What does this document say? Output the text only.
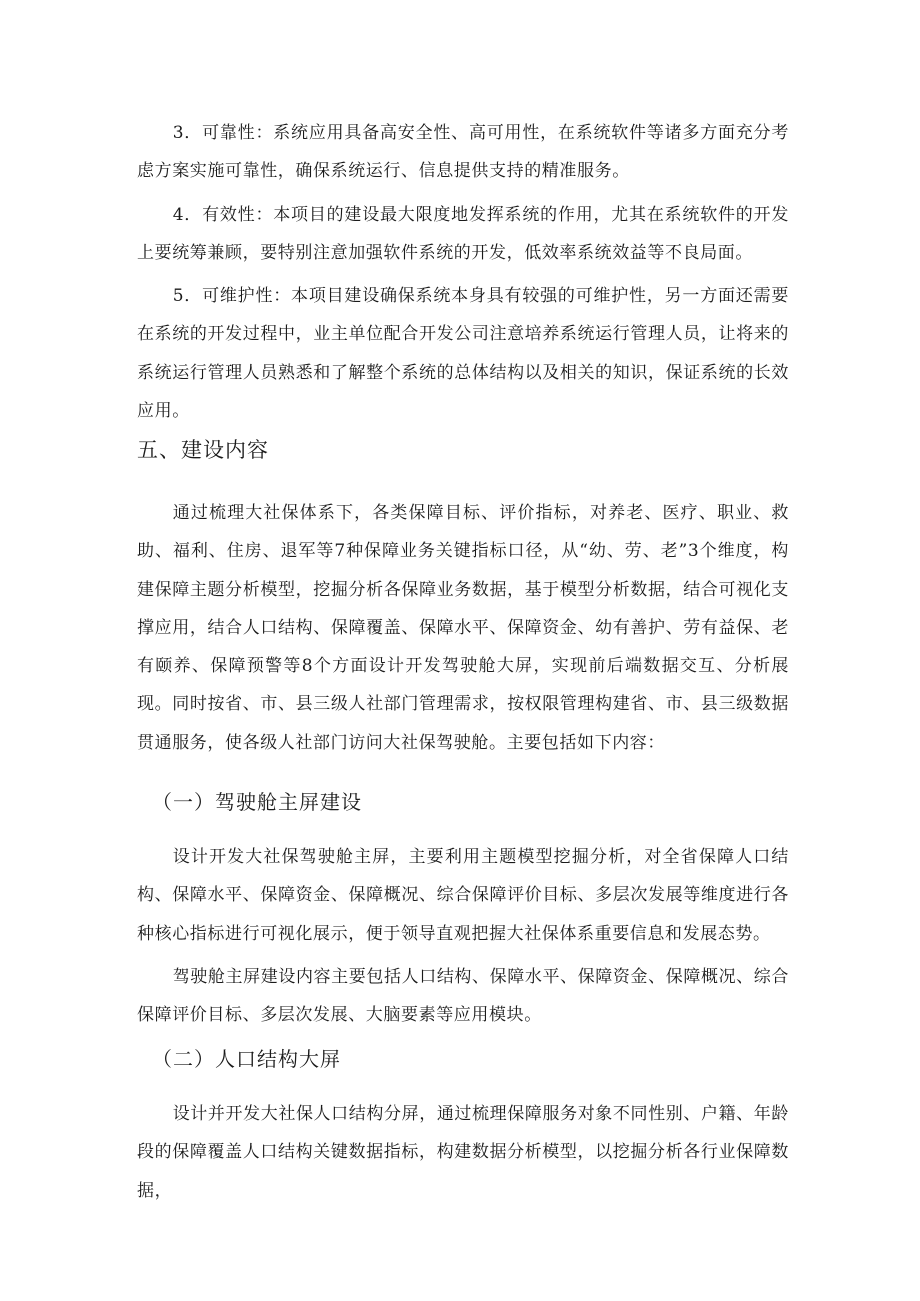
3．可靠性：系统应用具备高安全性、高可用性，在系统软件等诸多方面充分考虑方案实施可靠性，确保系统运行、信息提供支持的精准服务。

4．有效性：本项目的建设最大限度地发挥系统的作用，尤其在系统软件的开发上要统筹兼顾，要特别注意加强软件系统的开发，低效率系统效益等不良局面。

5．可维护性：本项目建设确保系统本身具有较强的可维护性，另一方面还需要在系统的开发过程中，业主单位配合开发公司注意培养系统运行管理人员，让将来的系统运行管理人员熟悉和了解整个系统的总体结构以及相关的知识，保证系统的长效应用。

五、建设内容

通过梳理大社保体系下，各类保障目标、评价指标，对养老、医疗、职业、救助、福利、住房、退军等7种保障业务关键指标口径，从“幼、劳、老”3个维度，构建保障主题分析模型，挖掘分析各保障业务数据，基于模型分析数据，结合可视化支撑应用，结合人口结构、保障覆盖、保障水平、保障资金、幼有善护、劳有益保、老有颐养、保障预警等8个方面设计开发驾驶舱大屏，实现前后端数据交互、分析展现。同时按省、市、县三级人社部门管理需求，按权限管理构建省、市、县三级数据贯通服务，使各级人社部门访问大社保驾驶舱。主要包括如下内容：

（一）驾驶舱主屏建设

设计开发大社保驾驶舱主屏，主要利用主题模型挖掘分析，对全省保障人口结构、保障水平、保障资金、保障概况、综合保障评价目标、多层次发展等维度进行各种核心指标进行可视化展示，便于领导直观把握大社保体系重要信息和发展态势。

驾驶舱主屏建设内容主要包括人口结构、保障水平、保障资金、保障概况、综合保障评价目标、多层次发展、大脑要素等应用模块。

（二）人口结构大屏

设计并开发大社保人口结构分屏，通过梳理保障服务对象不同性别、户籍、年龄段的保障覆盖人口结构关键数据指标，构建数据分析模型，以挖掘分析各行业保障数据，
